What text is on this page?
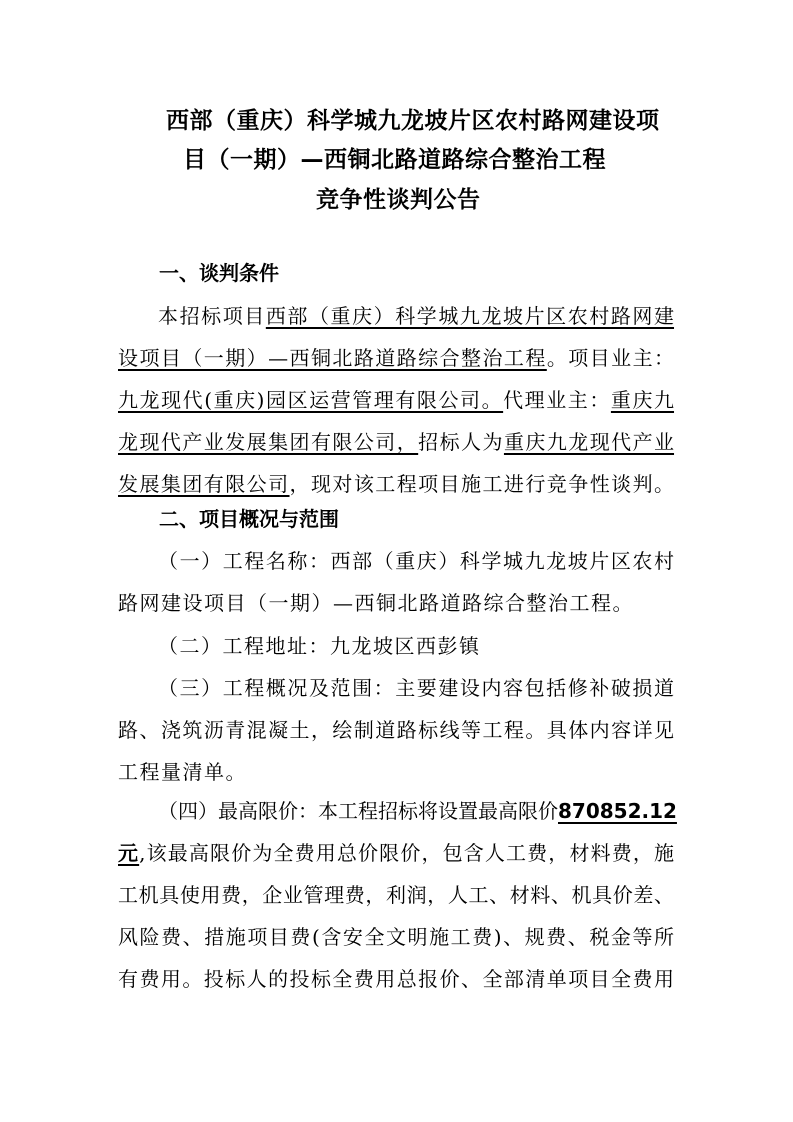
西部（重庆）科学城九龙坡片区农村路网建设项
目（一期）—西铜北路道路综合整治工程
竞争性谈判公告
一、谈判条件
本招标项目西部（重庆）科学城九龙坡片区农村路网建
设项目（一期）—西铜北路道路综合整治工程。项目业主：
九龙现代(重庆)园区运营管理有限公司。代理业主：重庆九
龙现代产业发展集团有限公司，招标人为重庆九龙现代产业
发展集团有限公司，现对该工程项目施工进行竞争性谈判。
二、项目概况与范围
（一）工程名称：西部（重庆）科学城九龙坡片区农村
路网建设项目（一期）—西铜北路道路综合整治工程。
（二）工程地址：九龙坡区西彭镇
（三）工程概况及范围：主要建设内容包括修补破损道
路、浇筑沥青混凝土，绘制道路标线等工程。具体内容详见
工程量清单。
（四）最高限价：本工程招标将设置最高限价870852.12
元,该最高限价为全费用总价限价，包含人工费，材料费，施
工机具使用费，企业管理费，利润，人工、材料、机具价差、
风险费、措施项目费(含安全文明施工费)、规费、税金等所
有费用。投标人的投标全费用总报价、全部清单项目全费用
